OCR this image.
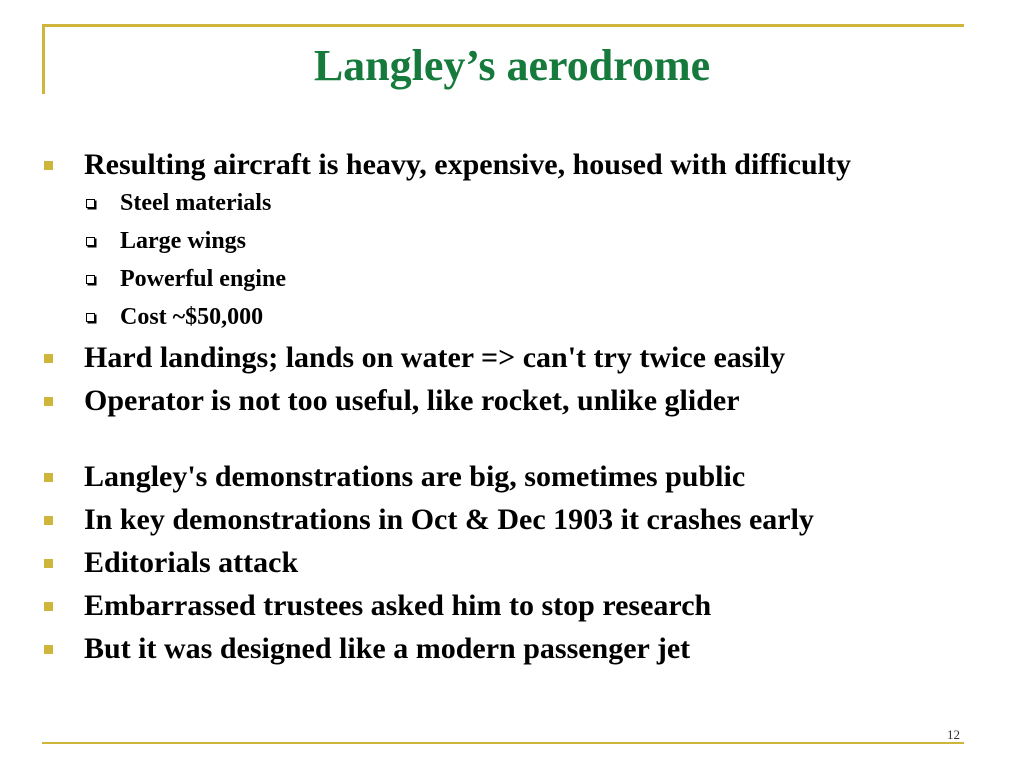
Langley’s aerodrome
Resulting aircraft is heavy, expensive, housed with difficulty
Steel materials
Large wings
Powerful engine
Cost ~$50,000
Hard landings; lands on water => can't try twice easily
Operator is not too useful, like rocket, unlike glider
Langley's demonstrations are big, sometimes public
In key demonstrations in Oct & Dec 1903 it crashes early
Editorials attack
Embarrassed trustees asked him to stop research
But it was designed like a modern passenger jet
12
